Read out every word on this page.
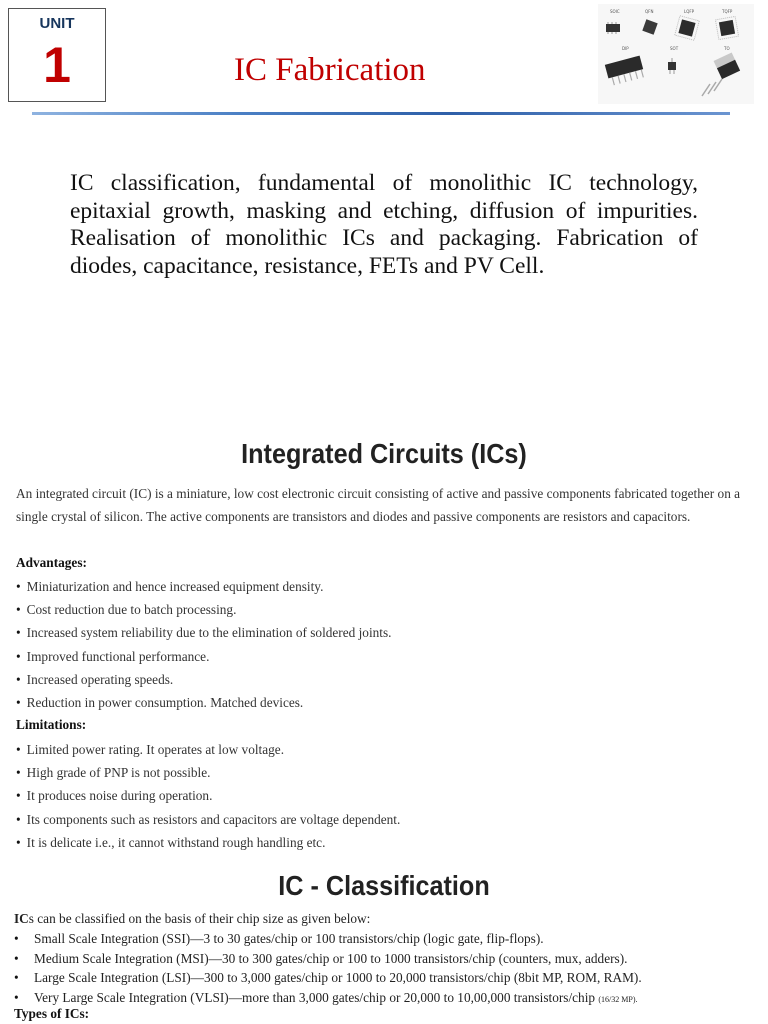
UNIT
1	IC Fabrication
SOIC	QFN	LQFP	TQFP
DIP	SOT	TO

IC classification, fundamental of monolithic IC technology, epitaxial growth, masking and etching, diffusion of impurities. Realisation of monolithic ICs and packaging. Fabrication of diodes, capacitance, resistance, FETs and PV Cell.

Integrated Circuits (ICs)

An integrated circuit (IC) is a miniature, low cost electronic circuit consisting of active and passive components fabricated together on a single crystal of silicon. The active components are transistors and diodes and passive components are resistors and capacitors.

Advantages:
• Miniaturization and hence increased equipment density.
• Cost reduction due to batch processing.
• Increased system reliability due to the elimination of soldered joints.
• Improved functional performance.
• Increased operating speeds.
• Reduction in power consumption. Matched devices.
Limitations:
• Limited power rating. It operates at low voltage.
• High grade of PNP is not possible.
• It produces noise during operation.
• Its components such as resistors and capacitors are voltage dependent.
• It is delicate i.e., it cannot withstand rough handling etc.
IC - Classification
ICs can be classified on the basis of their chip size as given below:
• Small Scale Integration (SSI)—3 to 30 gates/chip or 100 transistors/chip (logic gate, flip-flops).
• Medium Scale Integration (MSI)—30 to 300 gates/chip or 100 to 1000 transistors/chip (counters, mux, adders).
• Large Scale Integration (LSI)—300 to 3,000 gates/chip or 1000 to 20,000 transistors/chip (8bit MP, ROM, RAM).
• Very Large Scale Integration (VLSI)—more than 3,000 gates/chip or 20,000 to 10,00,000 transistors/chip (16/32 MP).
Types of ICs:
